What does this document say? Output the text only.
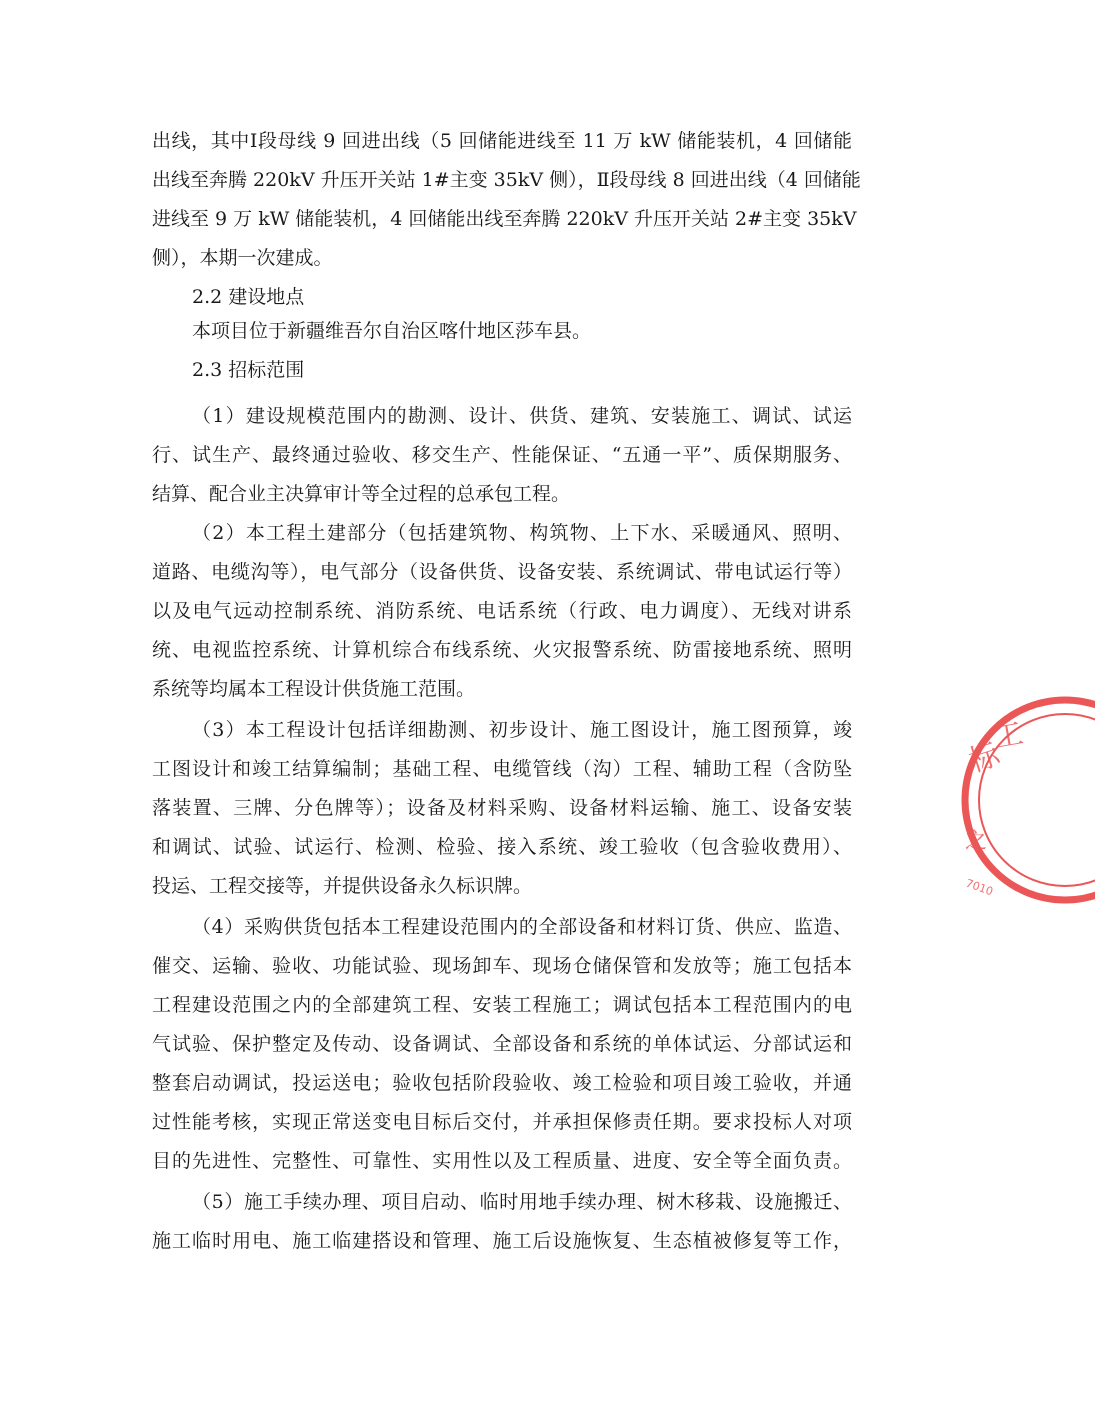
出线，其中Ⅰ段母线 9 回进出线（5 回储能进线至 11 万 kW 储能装机，4 回储能
出线至奔腾 220kV 升压开关站 1#主变 35kV 侧），Ⅱ段母线 8 回进出线（4 回储能
进线至 9 万 kW 储能装机，4 回储能出线至奔腾 220kV 升压开关站 2#主变 35kV
侧），本期一次建成。
2.2 建设地点
本项目位于新疆维吾尔自治区喀什地区莎车县。
2.3 招标范围
（1）建设规模范围内的勘测、设计、供货、建筑、安装施工、调试、试运
行、试生产、最终通过验收、移交生产、性能保证、“五通一平”、质保期服务、
结算、配合业主决算审计等全过程的总承包工程。
（2）本工程土建部分（包括建筑物、构筑物、上下水、采暖通风、照明、
道路、电缆沟等），电气部分（设备供货、设备安装、系统调试、带电试运行等）
以及电气远动控制系统、消防系统、电话系统（行政、电力调度）、无线对讲系
统、电视监控系统、计算机综合布线系统、火灾报警系统、防雷接地系统、照明
系统等均属本工程设计供货施工范围。
（3）本工程设计包括详细勘测、初步设计、施工图设计，施工图预算，竣
工图设计和竣工结算编制；基础工程、电缆管线（沟）工程、辅助工程（含防坠
落装置、三牌、分色牌等）；设备及材料采购、设备材料运输、施工、设备安装
和调试、试验、试运行、检测、检验、接入系统、竣工验收（包含验收费用）、
投运、工程交接等，并提供设备永久标识牌。
（4）采购供货包括本工程建设范围内的全部设备和材料订货、供应、监造、
催交、运输、验收、功能试验、现场卸车、现场仓储保管和发放等；施工包括本
工程建设范围之内的全部建筑工程、安装工程施工；调试包括本工程范围内的电
气试验、保护整定及传动、设备调试、全部设备和系统的单体试运、分部试运和
整套启动调试，投运送电；验收包括阶段验收、竣工检验和项目竣工验收，并通
过性能考核，实现正常送变电目标后交付，并承担保修责任期。要求投标人对项
目的先进性、完整性、可靠性、实用性以及工程质量、进度、安全等全面负责。
（5）施工手续办理、项目启动、临时用地手续办理、树木移栽、设施搬迁、
施工临时用电、施工临建搭设和管理、施工后设施恢复、生态植被修复等工作，
标
工
之
7010
